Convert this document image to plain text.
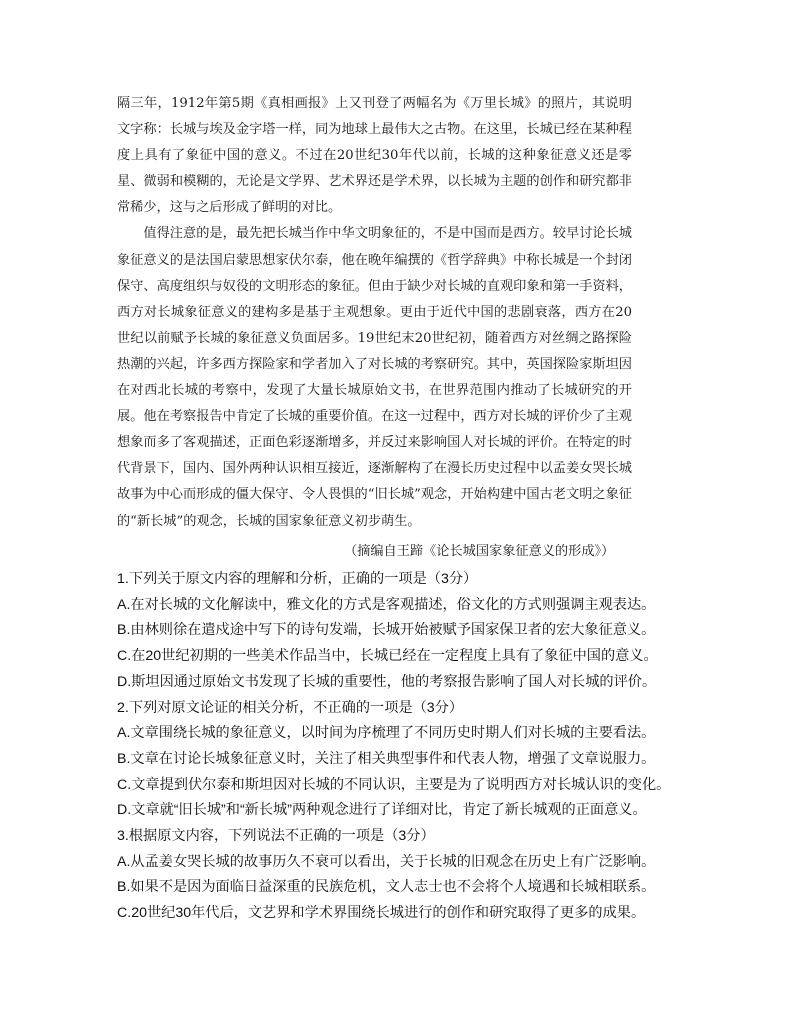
隔三年，1912年第5期《真相画报》上又刊登了两幅名为《万里长城》的照片，其说明文字称：长城与埃及金字塔一样，同为地球上最伟大之古物。在这里，长城已经在某种程度上具有了象征中国的意义。不过在20世纪30年代以前，长城的这种象征意义还是零星、微弱和模糊的，无论是文学界、艺术界还是学术界，以长城为主题的创作和研究都非常稀少，这与之后形成了鲜明的对比。

值得注意的是，最先把长城当作中华文明象征的，不是中国而是西方。较早讨论长城象征意义的是法国启蒙思想家伏尔泰，他在晚年编撰的《哲学辞典》中称长城是一个封闭保守、高度组织与奴役的文明形态的象征。但由于缺少对长城的直观印象和第一手资料，西方对长城象征意义的建构多是基于主观想象。更由于近代中国的悲剧衰落，西方在20世纪以前赋予长城的象征意义负面居多。19世纪末20世纪初，随着西方对丝绸之路探险热潮的兴起，许多西方探险家和学者加入了对长城的考察研究。其中，英国探险家斯坦因在对西北长城的考察中，发现了大量长城原始文书，在世界范围内推动了长城研究的开展。他在考察报告中肯定了长城的重要价值。在这一过程中，西方对长城的评价少了主观想象而多了客观描述，正面色彩逐渐增多，并反过来影响国人对长城的评价。在特定的时代背景下，国内、国外两种认识相互接近，逐渐解构了在漫长历史过程中以孟姜女哭长城故事为中心而形成的僵大保守、令人畏惧的“旧长城”观念，开始构建中国古老文明之象征的“新长城”的观念，长城的国家象征意义初步萌生。

（摘编自王蹄《论长城国家象征意义的形成》）

1.下列关于原文内容的理解和分析，正确的一项是（3分）

A.在对长城的文化解读中，雅文化的方式是客观描述，俗文化的方式则强调主观表达。

B.由林则徐在遣戍途中写下的诗句发端，长城开始被赋予国家保卫者的宏大象征意义。

C.在20世纪初期的一些美术作品当中，长城已经在一定程度上具有了象征中国的意义。

D.斯坦因通过原始文书发现了长城的重要性，他的考察报告影响了国人对长城的评价。

2.下列对原文论证的相关分析，不正确的一项是（3分）

A.文章围绕长城的象征意义，以时间为序梳理了不同历史时期人们对长城的主要看法。

B.文章在讨论长城象征意义时，关注了相关典型事件和代表人物，增强了文章说服力。

C.文章提到伏尔泰和斯坦因对长城的不同认识，主要是为了说明西方对长城认识的变化。

D.文章就“旧长城”和“新长城”两种观念进行了详细对比，肯定了新长城观的正面意义。

3.根据原文内容，下列说法不正确的一项是（3分）

A.从孟姜女哭长城的故事历久不衰可以看出，关于长城的旧观念在历史上有广泛影响。

B.如果不是因为面临日益深重的民族危机，文人志士也不会将个人境遇和长城相联系。

C.20世纪30年代后，文艺界和学术界围绕长城进行的创作和研究取得了更多的成果。
